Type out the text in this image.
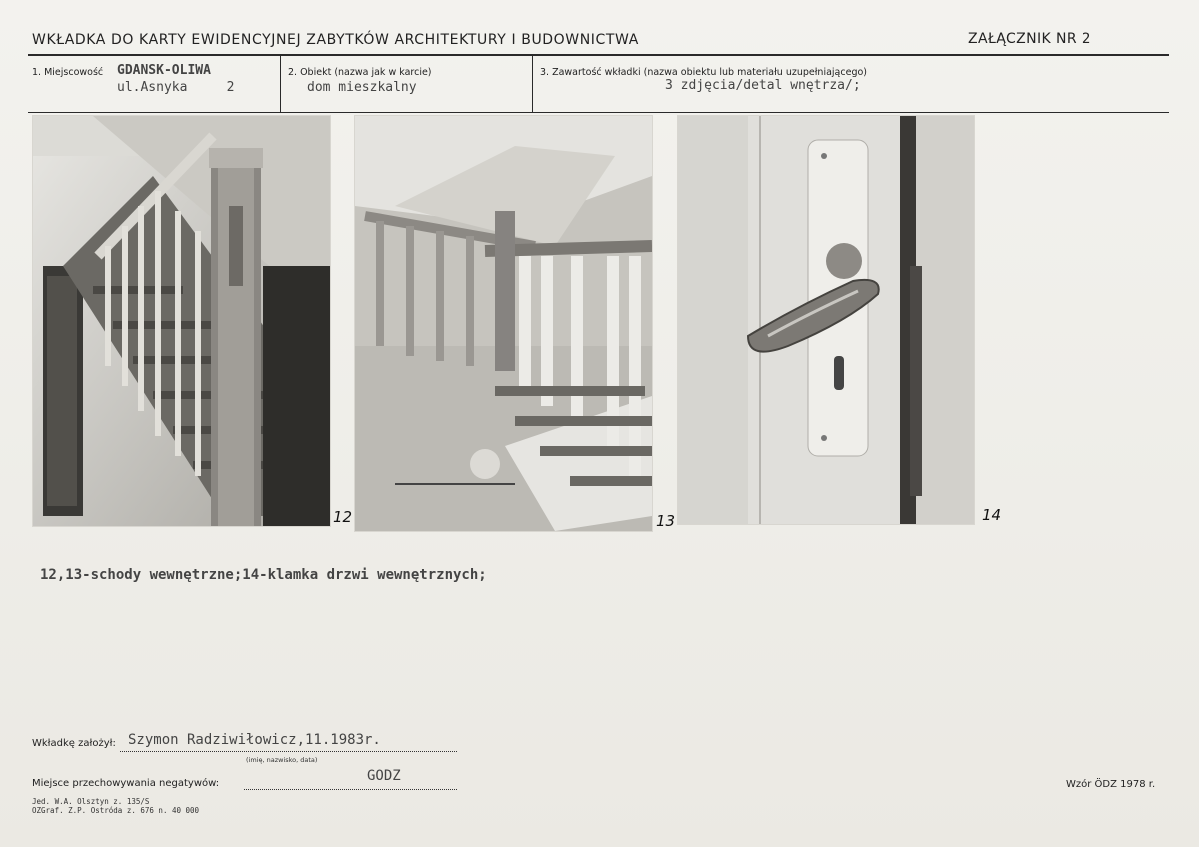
WKŁADKA DO KARTY EWIDENCYJNEJ ZABYTKÓW ARCHITEKTURY I BUDOWNICTWA	ZAŁĄCZNIK NR 2
1. Miejscowość GDANSK-OLIWA
ul.Asnyka     2
2. Obiekt (nazwa jak w karcie)
dom mieszkalny
3. Zawartość wkładki (nazwa obiektu lub materiału uzupełniającego)
3 zdjęcia/detal wnętrza/;
12	13	14
12,13-schody wewnętrzne;14-klamka drzwi wewnętrznych;
Wkładkę założył: Szymon Radziwiłowicz,11.1983r.
(imię, nazwisko, data)
Miejsce przechowywania negatywów:	GODZ
Jed. W.A. Olsztyn z. 135/S
OZGraf. Z.P. Ostróda z. 676 n. 40 000
Wzór ÖDZ 1978 r.
